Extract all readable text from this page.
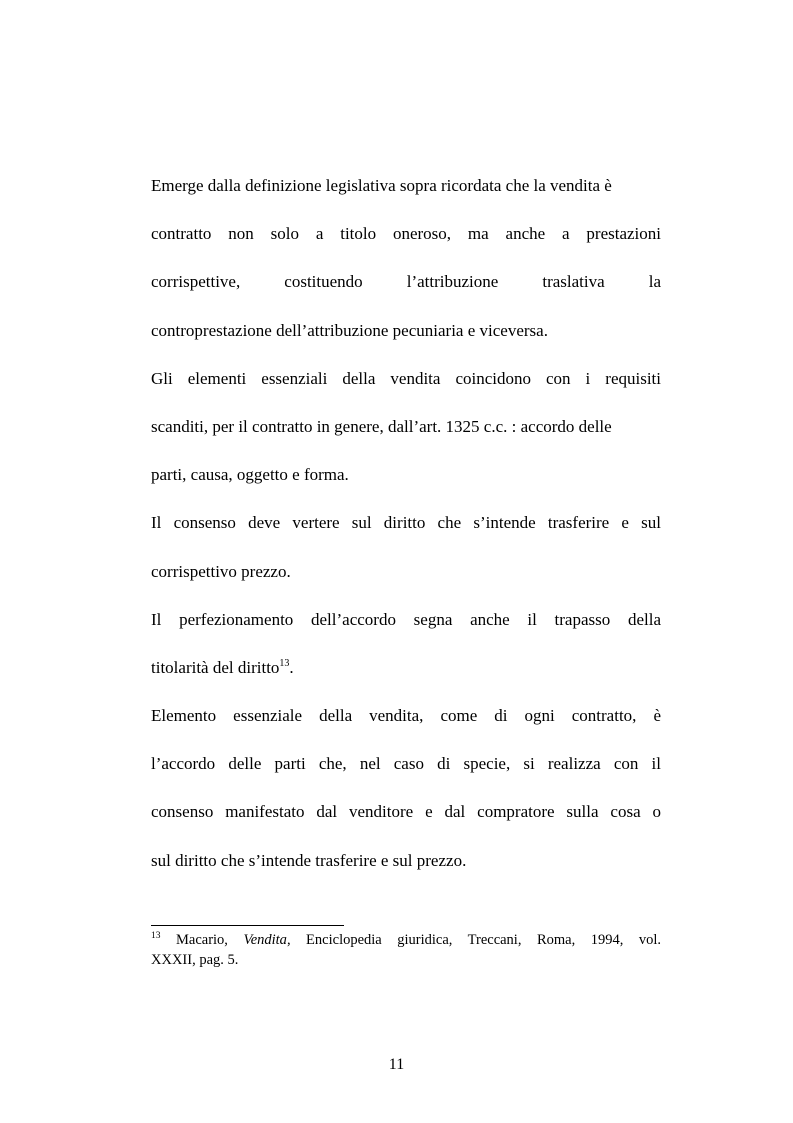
Emerge dalla definizione legislativa sopra ricordata che la vendita è
contratto non solo a titolo oneroso, ma anche a prestazioni
corrispettive, costituendo l’attribuzione traslativa la
controprestazione dell’attribuzione pecuniaria e viceversa.
Gli elementi essenziali della vendita coincidono con i requisiti
scanditi, per il contratto in genere, dall’art. 1325 c.c. : accordo delle
parti, causa, oggetto e forma.
Il consenso deve vertere sul diritto che s’intende trasferire e sul
corrispettivo prezzo.
Il perfezionamento dell’accordo segna anche il trapasso della
titolarità del diritto$^{13}$.
Elemento essenziale della vendita, come di ogni contratto, è
l’accordo delle parti che, nel caso di specie, si realizza con il
consenso manifestato dal venditore e dal compratore sulla cosa o
sul diritto che s’intende trasferire e sul prezzo.
$^{13}$ Macario, Vendita, Enciclopedia giuridica, Treccani, Roma, 1994, vol.
XXXII, pag. 5.
11
